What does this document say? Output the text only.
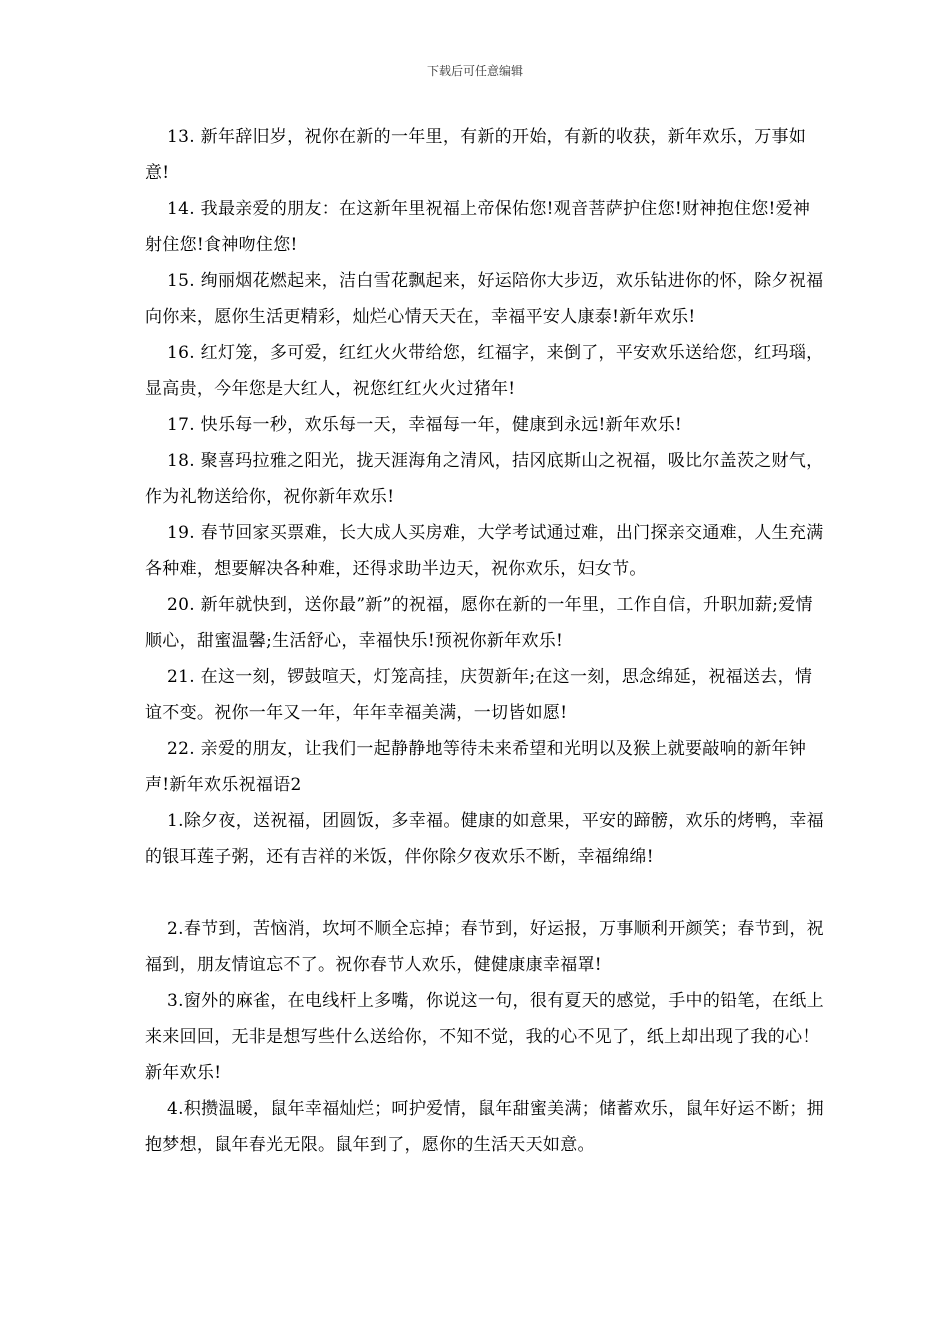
下载后可任意编辑

13. 新年辞旧岁，祝你在新的一年里，有新的开始，有新的收获，新年欢乐，万事如意!

14. 我最亲爱的朋友：在这新年里祝福上帝保佑您!观音菩萨护住您!财神抱住您!爱神射住您!食神吻住您!

15. 绚丽烟花燃起来，洁白雪花飘起来，好运陪你大步迈，欢乐钻进你的怀，除夕祝福向你来，愿你生活更精彩，灿烂心情天天在，幸福平安人康泰!新年欢乐!

16. 红灯笼，多可爱，红红火火带给您，红福字，来倒了，平安欢乐送给您，红玛瑙，显高贵，今年您是大红人，祝您红红火火过猪年!

17. 快乐每一秒，欢乐每一天，幸福每一年，健康到永远!新年欢乐!

18. 聚喜玛拉雅之阳光，拢天涯海角之清风，拮冈底斯山之祝福，吸比尔盖茨之财气，作为礼物送给你，祝你新年欢乐!

19. 春节回家买票难，长大成人买房难，大学考试通过难，出门探亲交通难，人生充满各种难，想要解决各种难，还得求助半边天，祝你欢乐，妇女节。

20. 新年就快到，送你最”新”的祝福，愿你在新的一年里，工作自信，升职加薪;爱情顺心，甜蜜温馨;生活舒心，幸福快乐!预祝你新年欢乐!

21. 在这一刻，锣鼓喧天，灯笼高挂，庆贺新年;在这一刻，思念绵延，祝福送去，情谊不变。祝你一年又一年，年年幸福美满，一切皆如愿!

22. 亲爱的朋友，让我们一起静静地等待未来希望和光明以及猴上就要敲响的新年钟声!新年欢乐祝福语2

1.除夕夜，送祝福，团圆饭，多幸福。健康的如意果，平安的蹄髈，欢乐的烤鸭，幸福的银耳莲子粥，还有吉祥的米饭，伴你除夕夜欢乐不断，幸福绵绵!

2.春节到，苦恼消，坎坷不顺全忘掉；春节到，好运报，万事顺利开颜笑；春节到，祝福到，朋友情谊忘不了。祝你春节人欢乐，健健康康幸福罩!

3.窗外的麻雀，在电线杆上多嘴，你说这一句，很有夏天的感觉，手中的铅笔，在纸上来来回回，无非是想写些什么送给你，不知不觉，我的心不见了，纸上却出现了我的心！新年欢乐!

4.积攒温暖，鼠年幸福灿烂；呵护爱情，鼠年甜蜜美满；储蓄欢乐，鼠年好运不断；拥抱梦想，鼠年春光无限。鼠年到了，愿你的生活天天如意。
